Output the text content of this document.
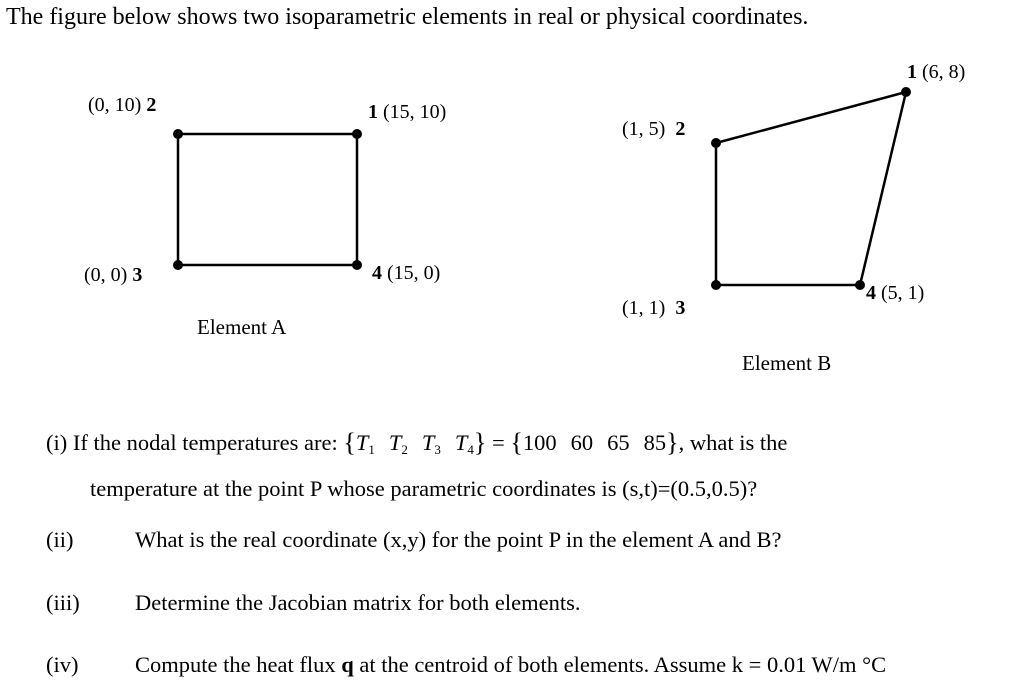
The figure below shows two isoparametric elements in real or physical coordinates.
(0, 10) 2	1 (15, 10)
(0, 0) 3	4 (15, 0)
Element A
1 (6, 8)
(1, 5) 2
(1, 1) 3
4 (5, 1)
Element B
(i) If the nodal temperatures are: {$T_1$ $T_2$ $T_3$ $T_4\} = \{100$ 60 65 85}, what is the
temperature at the point P whose parametric coordinates is (s,t)=(0.5,0.5)?
(ii)	What is the real coordinate (x,y) for the point P in the element A and B?
(iii) Determine the Jacobian matrix for both elements.
(iv)	Compute the heat flux q at the centroid of both elements. Assume k = 0.01 W/m °C
